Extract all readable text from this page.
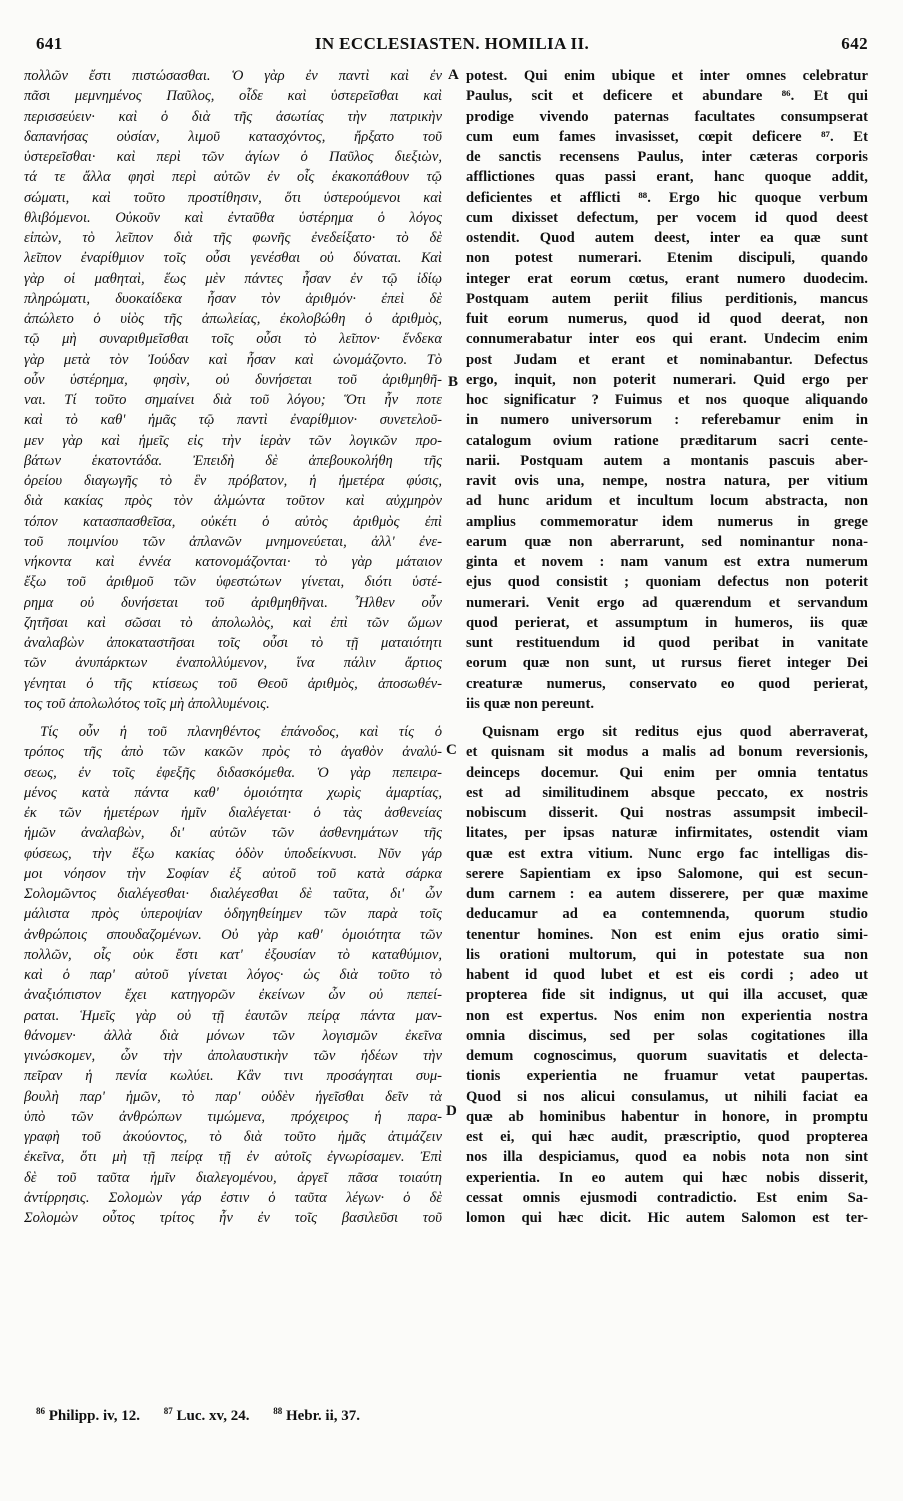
641	IN ECCLESIASTEN. HOMILIA II.	642
πολλῶν ἔστι πιστώσασθαι. Ὁ γὰρ ἐν παντὶ καὶ ἐν
πᾶσι μεμνημένος Παῦλος, οἶδε καὶ ὑστερεῖσθαι καὶ
περισσεύειν· καὶ ὁ διὰ τῆς ἀσωτίας τὴν πατρικὴν
δαπανήσας οὐσίαν, λιμοῦ κατασχόντος, ἤρξατο τοῦ
ὑστερεῖσθαι· καὶ περὶ τῶν ἁγίων ὁ Παῦλος διεξιὼν,
τά τε ἄλλα φησὶ περὶ αὐτῶν ἐν οἷς ἐκακοπάθουν τῷ
σώματι, καὶ τοῦτο προστίθησιν, ὅτι ὑστερούμενοι καὶ
θλιβόμενοι. Οὐκοῦν καὶ ἐνταῦθα ὑστέρημα ὁ λόγος
εἰπὼν, τὸ λεῖπον διὰ τῆς φωνῆς ἐνεδείξατο· τὸ δὲ
λεῖπον ἐναρίθμιον τοῖς οὖσι γενέσθαι οὐ δύναται. Καὶ
γὰρ οἱ μαθηταὶ, ἕως μὲν πάντες ἦσαν ἐν τῷ ἰδίῳ
πληρώματι, δυοκαίδεκα ἦσαν τὸν ἀριθμόν· ἐπεὶ δὲ
ἀπώλετο ὁ υἱὸς τῆς ἀπωλείας, ἐκολοβώθη ὁ ἀριθμὸς,
τῷ μὴ συναριθμεῖσθαι τοῖς οὖσι τὸ λεῖπον· ἕνδεκα
γὰρ μετὰ τὸν Ἰούδαν καὶ ἦσαν καὶ ὠνομάζοντο. Τὸ
οὖν ὑστέρημα, φησὶν, οὐ δυνήσεται τοῦ ἀριθμηθῆ-
ναι. Τί τοῦτο σημαίνει διὰ τοῦ λόγου; Ὅτι ἦν ποτε
καὶ τὸ καθ' ἡμᾶς τῷ παντὶ ἐναρίθμιον· συνετελοῦ-
μεν γὰρ καὶ ἡμεῖς εἰς τὴν ἱερὰν τῶν λογικῶν προ-
βάτων ἑκατοντάδα. Ἐπειδὴ δὲ ἀπεβουκολήθη τῆς
ὀρείου διαγωγῆς τὸ ἓν πρόβατον, ἡ ἡμετέρα φύσις,
διὰ κακίας πρὸς τὸν ἁλμώντα τοῦτον καὶ αὐχμηρὸν
τόπον κατασπασθεῖσα, οὐκέτι ὁ αὐτὸς ἀριθμὸς ἐπὶ
τοῦ ποιμνίου τῶν ἀπλανῶν μνημονεύεται, ἀλλ' ἐνε-
νήκοντα καὶ ἐννέα κατονομάζονται· τὸ γὰρ μάταιον
ἔξω τοῦ ἀριθμοῦ τῶν ὑφεστώτων γίνεται, διότι ὑστέ-
ρημα οὐ δυνήσεται τοῦ ἀριθμηθῆναι. Ἦλθεν οὖν
ζητῆσαι καὶ σῶσαι τὸ ἀπολωλὸς, καὶ ἐπὶ τῶν ὤμων
ἀναλαβὼν ἀποκαταστῆσαι τοῖς οὖσι τὸ τῇ ματαιότητι
τῶν ἀνυπάρκτων ἐναπολλύμενον, ἵνα πάλιν ἄρτιος
γένηται ὁ τῆς κτίσεως τοῦ Θεοῦ ἀριθμὸς, ἀποσωθέν-
τος τοῦ ἀπολωλότος τοῖς μὴ ἀπολλυμένοις.
Τίς οὖν ἡ τοῦ πλανηθέντος ἐπάνοδος, καὶ τίς ὁ
τρόπος τῆς ἀπὸ τῶν κακῶν πρὸς τὸ ἀγαθὸν ἀναλύ-
σεως, ἐν τοῖς ἐφεξῆς διδασκόμεθα. Ὁ γὰρ πεπειρα-
μένος κατὰ πάντα καθ' ὁμοιότητα χωρὶς ἁμαρτίας,
ἐκ τῶν ἡμετέρων ἡμῖν διαλέγεται· ὁ τὰς ἀσθενείας
ἡμῶν ἀναλαβὼν, δι' αὐτῶν τῶν ἀσθενημάτων τῆς
φύσεως, τὴν ἔξω κακίας ὁδὸν ὑποδείκνυσι. Νῦν γάρ
μοι νόησον τὴν Σοφίαν ἐξ αὐτοῦ τοῦ κατὰ σάρκα
Σολομῶντος διαλέγεσθαι· διαλέγεσθαι δὲ ταῦτα, δι' ὧν
μάλιστα πρὸς ὑπεροψίαν ὁδηγηθείημεν τῶν παρὰ τοῖς
ἀνθρώποις σπουδαζομένων. Οὐ γὰρ καθ' ὁμοιότητα τῶν
πολλῶν, οἷς οὐκ ἔστι κατ' ἐξουσίαν τὸ καταθύμιον,
καὶ ὁ παρ' αὐτοῦ γίνεται λόγος· ὡς διὰ τοῦτο τὸ
ἀναξιόπιστον ἔχει κατηγορῶν ἐκείνων ὧν οὐ πεπεί-
ραται. Ἡμεῖς γὰρ οὐ τῇ ἑαυτῶν πείρᾳ πάντα μαν-
θάνομεν· ἀλλὰ διὰ μόνων τῶν λογισμῶν ἐκεῖνα
γινώσκομεν, ὧν τὴν ἀπολαυστικὴν τῶν ἡδέων τὴν
πεῖραν ἡ πενία κωλύει. Κἂν τινι προσάγηται συμ-
βουλὴ παρ' ἡμῶν, τὸ παρ' οὐδὲν ἡγεῖσθαι δεῖν τὰ
ὑπὸ τῶν ἀνθρώπων τιμώμενα, πρόχειρος ἡ παρα-
γραφὴ τοῦ ἀκούοντος, τὸ διὰ τοῦτο ἡμᾶς ἀτιμάζειν
ἐκεῖνα, ὅτι μὴ τῇ πείρᾳ τῇ ἐν αὐτοῖς ἐγνωρίσαμεν. Ἐπὶ
δὲ τοῦ ταῦτα ἡμῖν διαλεγομένου, ἀργεῖ πᾶσα τοιαύτη
ἀντίρρησις. Σολομὼν γάρ ἐστιν ὁ ταῦτα λέγων· ὁ δὲ
Σολομὼν οὗτος τρίτος ἦν ἐν τοῖς βασιλεῦσι τοῦ
potest. Qui enim ubique et inter omnes celebratur
Paulus, scit et deficere et abundare ⁸⁶. Et qui
prodige vivendo paternas facultates consumpserat
cum eum fames invasisset, cœpit deficere ⁸⁷. Et
de sanctis recensens Paulus, inter cæteras corporis
afflictiones quas passi erant, hanc quoque addit,
deficientes et afflicti ⁸⁸. Ergo hic quoque verbum
cum dixisset defectum, per vocem id quod deest
ostendit. Quod autem deest, inter ea quæ sunt
non potest numerari. Etenim discipuli, quando
integer erat eorum cœtus, erant numero duodecim.
Postquam autem periit filius perditionis, mancus
fuit eorum numerus, quod id quod deerat, non
connumerabatur inter eos qui erant. Undecim enim
post Judam et erant et nominabantur. Defectus
ergo, inquit, non poterit numerari. Quid ergo per
hoc significatur ? Fuimus et nos quoque aliquando
in numero universorum : referebamur enim in
catalogum ovium ratione præditarum sacri cente-
narii. Postquam autem a montanis pascuis aber-
ravit ovis una, nempe, nostra natura, per vitium
ad hunc aridum et incultum locum abstracta, non
amplius commemoratur idem numerus in grege
earum quæ non aberrarunt, sed nominantur nona-
ginta et novem : nam vanum est extra numerum
ejus quod consistit ; quoniam defectus non poterit
numerari. Venit ergo ad quærendum et servandum
quod perierat, et assumptum in humeros, iis quæ
sunt restituendum id quod peribat in vanitate
eorum quæ non sunt, ut rursus fieret integer Dei
creaturæ numerus, conservato eo quod perierat,
iis quæ non pereunt.
Quisnam ergo sit reditus ejus quod aberraverat,
et quisnam sit modus a malis ad bonum reversionis,
deinceps docemur. Qui enim per omnia tentatus
est ad similitudinem absque peccato, ex nostris
nobiscum disserit. Qui nostras assumpsit imbecil-
litates, per ipsas naturæ infirmitates, ostendit viam
quæ est extra vitium. Nunc ergo fac intelligas dis-
serere Sapientiam ex ipso Salomone, qui est secun-
dum carnem : ea autem disserere, per quæ maxime
deducamur ad ea contemnenda, quorum studio
tenentur homines. Non est enim ejus oratio simi-
lis orationi multorum, qui in potestate sua non
habent id quod lubet et est eis cordi ; adeo ut
propterea fide sit indignus, ut qui illa accuset, quæ
non est expertus. Nos enim non experientia nostra
omnia discimus, sed per solas cogitationes illa
demum cognoscimus, quorum suavitatis et delecta-
tionis experientia ne fruamur vetat paupertas.
Quod si nos alicui consulamus, ut nihili faciat ea
quæ ab hominibus habentur in honore, in promptu
est ei, qui hæc audit, præscriptio, quod propterea
nos illa despiciamus, quod ea nobis nota non sint
experientia. In eo autem qui hæc nobis disserit,
cessat omnis ejusmodi contradictio. Est enim Sa-
lomon qui hæc dicit. Hic autem Salomon est ter-
A
B
C
D
$^{86}$ Philipp. iv, 12.	$^{87}$ Luc. xv, 24.	$^{88}$ Hebr. ii, 37.
